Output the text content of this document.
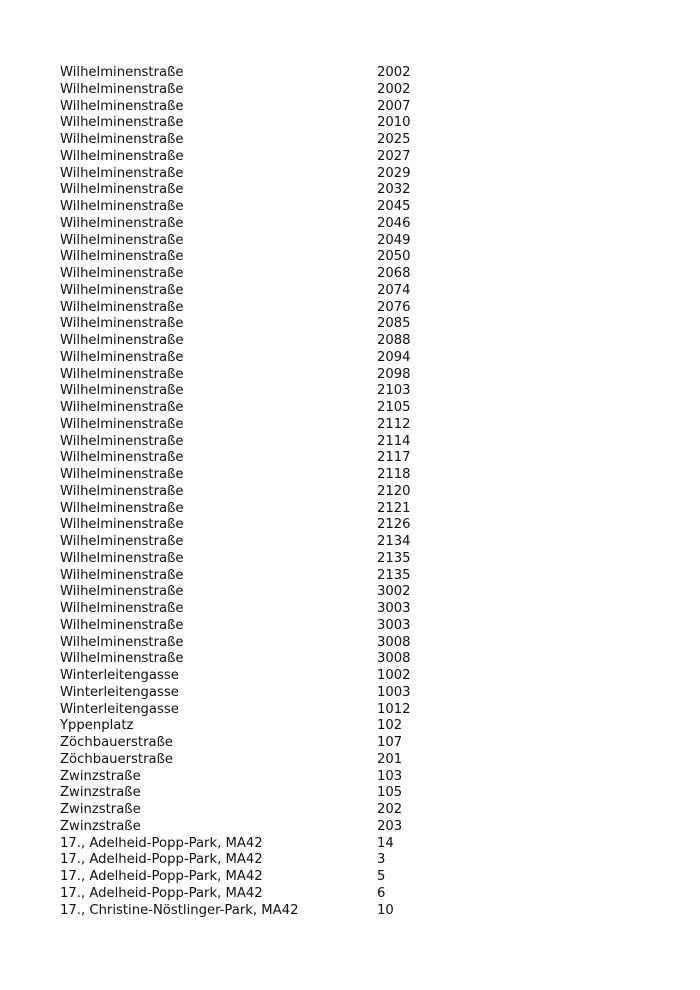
Wilhelminenstraße	2002
Wilhelminenstraße	2002
Wilhelminenstraße	2007
Wilhelminenstraße	2010
Wilhelminenstraße	2025
Wilhelminenstraße	2027
Wilhelminenstraße	2029
Wilhelminenstraße	2032
Wilhelminenstraße	2045
Wilhelminenstraße	2046
Wilhelminenstraße	2049
Wilhelminenstraße	2050
Wilhelminenstraße	2068
Wilhelminenstraße	2074
Wilhelminenstraße	2076
Wilhelminenstraße	2085
Wilhelminenstraße	2088
Wilhelminenstraße	2094
Wilhelminenstraße	2098
Wilhelminenstraße	2103
Wilhelminenstraße	2105
Wilhelminenstraße	2112
Wilhelminenstraße	2114
Wilhelminenstraße	2117
Wilhelminenstraße	2118
Wilhelminenstraße	2120
Wilhelminenstraße	2121
Wilhelminenstraße	2126
Wilhelminenstraße	2134
Wilhelminenstraße	2135
Wilhelminenstraße	2135
Wilhelminenstraße	3002
Wilhelminenstraße	3003
Wilhelminenstraße	3003
Wilhelminenstraße	3008
Wilhelminenstraße	3008
Winterleitengasse	1002
Winterleitengasse	1003
Winterleitengasse	1012
Yppenplatz	102
Zöchbauerstraße	107
Zöchbauerstraße	201
Zwinzstraße	103
Zwinzstraße	105
Zwinzstraße	202
Zwinzstraße	203
17., Adelheid-Popp-Park, MA42	14
17., Adelheid-Popp-Park, MA42	3
17., Adelheid-Popp-Park, MA42	5
17., Adelheid-Popp-Park, MA42	6
17., Christine-Nöstlinger-Park, MA42	10
